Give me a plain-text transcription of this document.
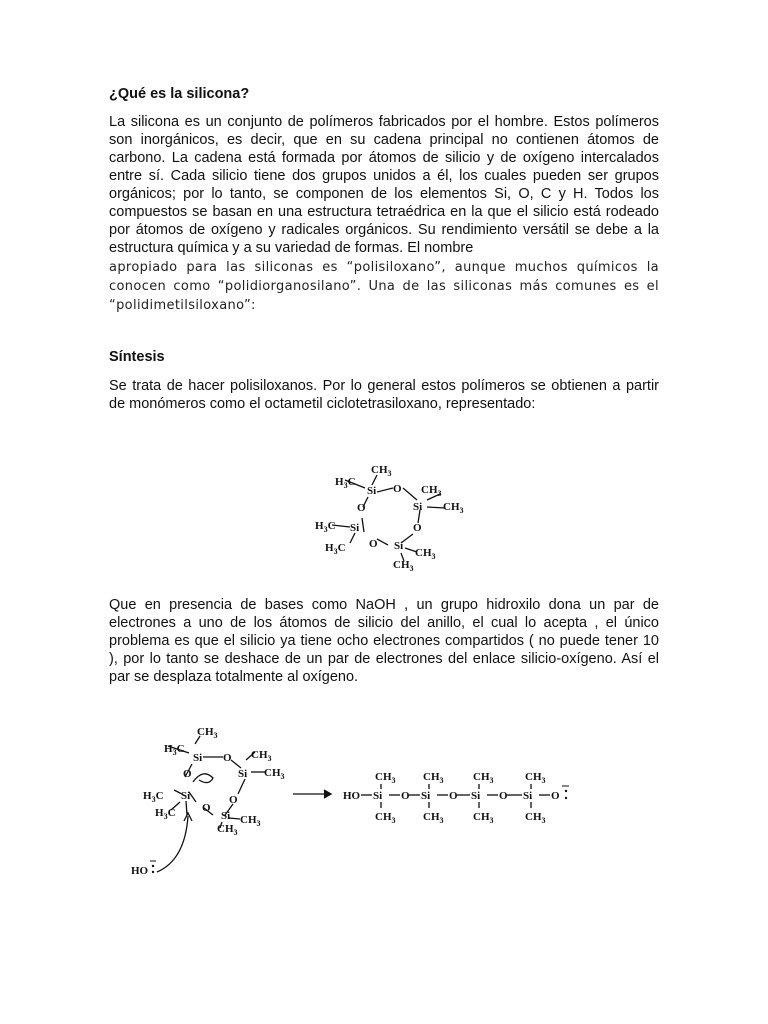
¿Qué es la silicona?

La silicona es un conjunto de polímeros fabricados por el hombre. Estos polímeros son inorgánicos, es decir, que en su cadena principal no contienen átomos de carbono. La cadena está formada por átomos de silicio y de oxígeno intercalados entre sí. Cada silicio tiene dos grupos unidos a él, los cuales pueden ser grupos orgánicos; por lo tanto, se componen de los elementos Si, O, C y H. Todos los compuestos se basan en una estructura tetraédrica en la que el silicio está rodeado por átomos de oxígeno y radicales orgánicos. Su rendimiento versátil se debe a la estructura química y a su variedad de formas. El nombre

apropiado para las siliconas es “polisiloxano”, aunque muchos químicos la conocen como “polidiorganosilano”. Una de las siliconas más comunes es el “polidimetilsiloxano”:

Síntesis

Se trata de hacer polisiloxanos. Por lo general estos polímeros se obtienen a partir de monómeros como el octametil ciclotetrasiloxano, representado:

Si O
Si
O
Si
O
Si
O
$CH_3$
$H_3C$
$CH_3$
$CH_3$
$H_3C$
$H_3C$	$CH_3$
$CH_3$

Que en presencia de bases como NaOH , un grupo hidroxilo dona un par de electrones a uno de los átomos de silicio del anillo, el cual lo acepta , el único problema es que el silicio ya tiene ocho electrones compartidos ( no puede tener 10 ), por lo tanto se deshace de un par de electrones del enlace silicio-oxígeno. Así el par se desplaza totalmente al oxígeno.

Si O
Si
O
Si
O
Si
O
$CH_3$
$H_3C$	$CH_3$
$CH_3$
$H_3C$
$H_3C$
$CH_3$
$CH_3$
HO
HO Si O Si O Si O Si O
$CH_3$
$CH_3$
$CH_3$
$CH_3$
$CH_3$
$CH_3$
$CH_3$
$CH_3$
